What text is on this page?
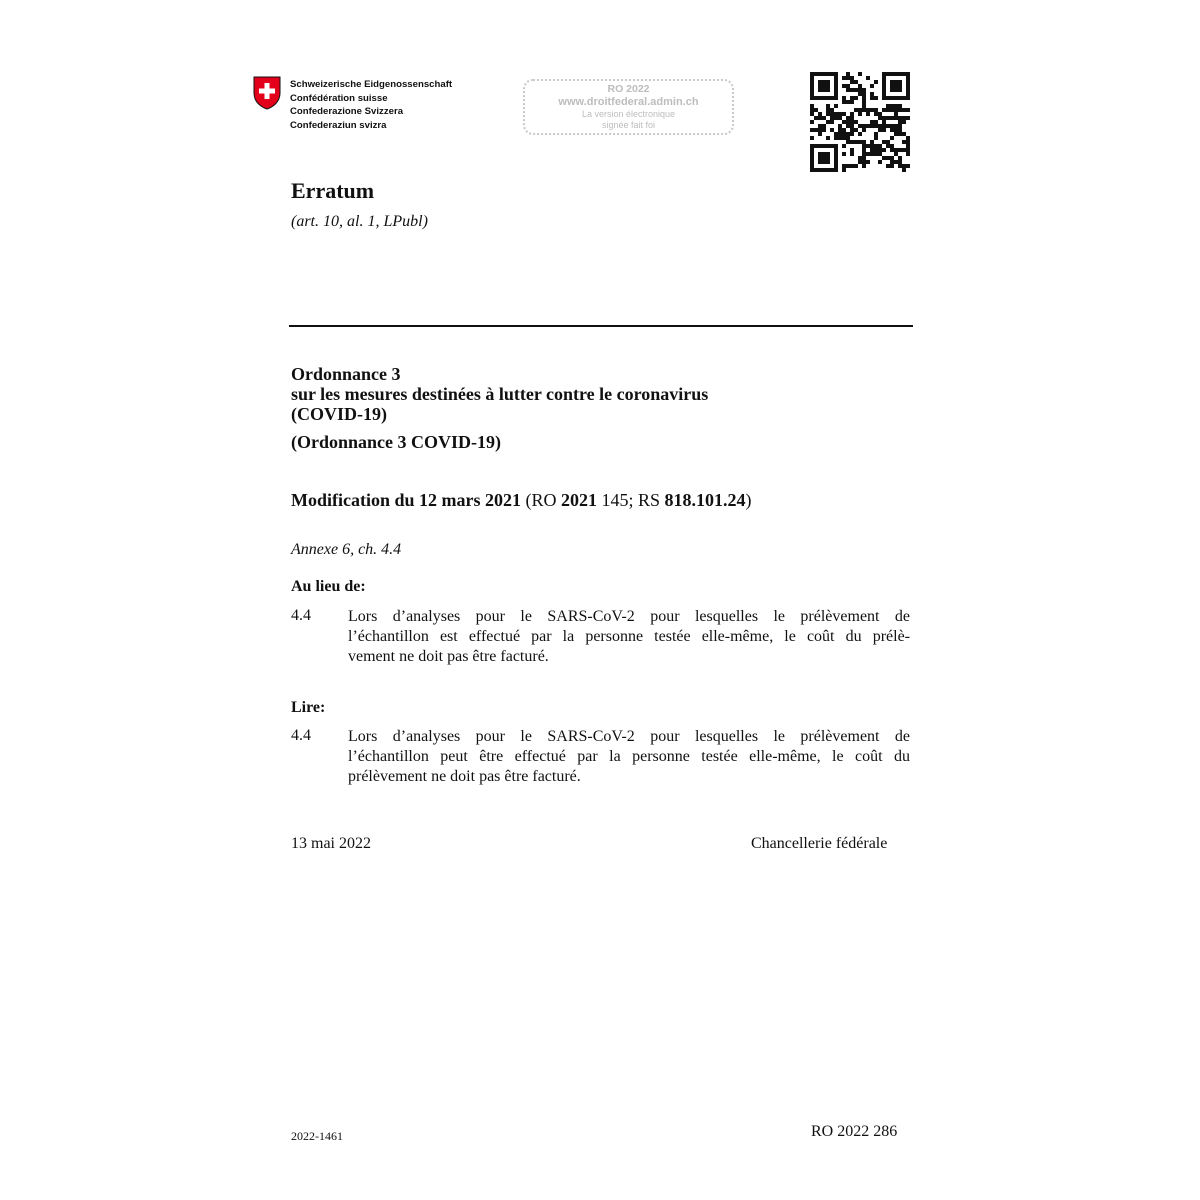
Schweizerische Eidgenossenschaft
Confédération suisse
Confederazione Svizzera
Confederaziun svizra
RO 2022
www.droitfederal.admin.ch
La version électronique
signée fait foi
Erratum
(art. 10, al. 1, LPubl)
Ordonnance 3
sur les mesures destinées à lutter contre le coronavirus
(COVID-19)
(Ordonnance 3 COVID-19)
Modification du 12 mars 2021 (RO 2021 145; RS 818.101.24)
Annexe 6, ch. 4.4
Au lieu de:
4.4 Lors d’analyses pour le SARS-CoV-2 pour lesquelles le prélèvement de
l’échantillon est effectué par la personne testée elle-même, le coût du prélè-
vement ne doit pas être facturé.
Lire:
4.4 Lors d’analyses pour le SARS-CoV-2 pour lesquelles le prélèvement de
l’échantillon peut être effectué par la personne testée elle-même, le coût du
prélèvement ne doit pas être facturé.
13 mai 2022	Chancellerie fédérale
2022-1461	RO 2022 286
